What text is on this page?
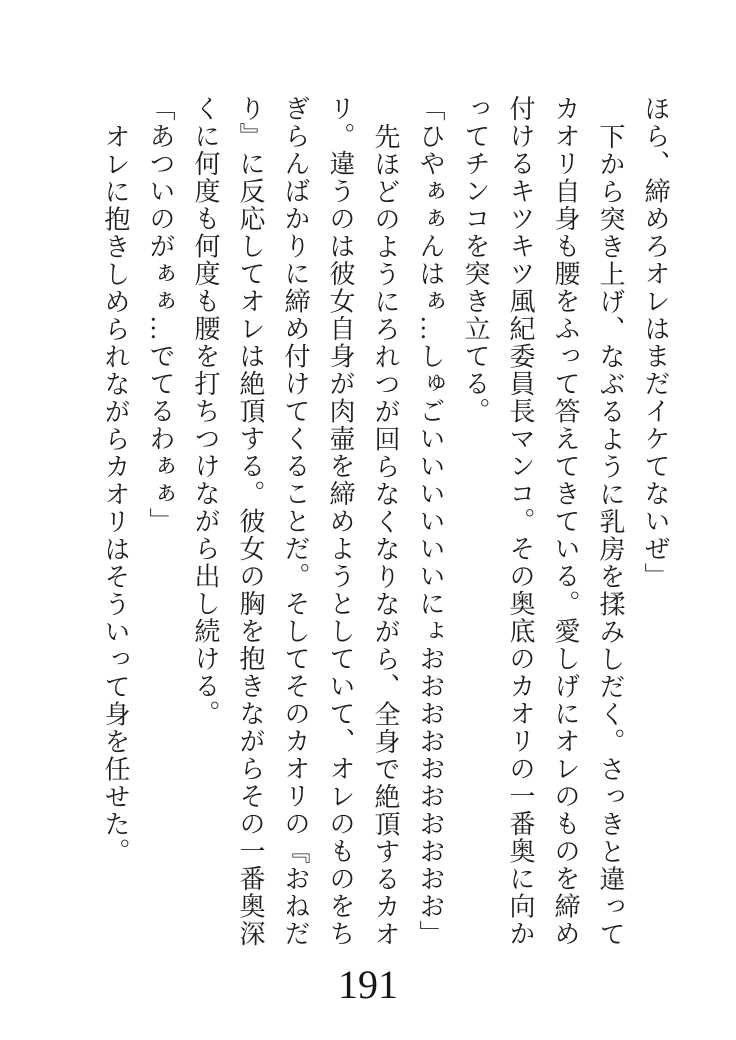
ほら、締めろオレはまだイケてないぜ」

下から突き上げ、なぶるように乳房を揉みしだく。さっきと違ってカオリ自身も腰をふって答えてきている。愛しげにオレのものを締め付けるキツキツ風紀委員長マンコ。その奥底のカオリの一番奥に向かってチンコを突き立てる。

「ひやぁぁんはぁ…しゅごいいいいいいにょおおおおおおおおおお」

先ほどのようにろれつが回らなくなりながら、全身で絶頂するカオリ。違うのは彼女自身が肉壷を締めようとしていて、オレのものをちぎらんばかりに締め付けてくることだ。そしてそのカオリの『おねだり』に反応してオレは絶頂する。彼女の胸を抱きながらその一番奥深くに何度も何度も腰を打ちつけながら出し続ける。

「あついのがぁぁ…でてるわぁぁ」

オレに抱きしめられながらカオリはそういって身を任せた。

191
